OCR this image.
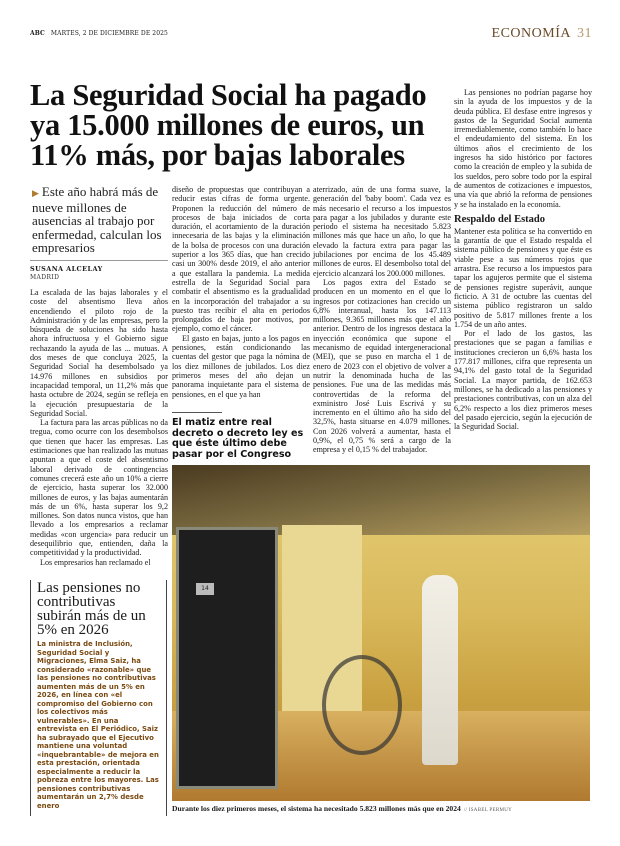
ABC MARTES, 2 DE DICIEMBRE DE 2025	ECONOMÍA 31
La Seguridad Social ha pagado ya 15.000 millones de euros, un 11% más, por bajas laborales
▶ Este año habrá más de nueve millones de ausencias al trabajo por enfermedad, calculan los empresarios
SUSANA ALCELAY
MADRID

La escalada de las bajas laborales y el coste del absentismo lleva años encendiendo el piloto rojo de la Administración y de las empresas, pero la búsqueda de soluciones ha sido hasta ahora infructuosa y el Gobierno sigue rechazando la ayuda de las ... mutuas. A dos meses de que concluya 2025, la Seguridad Social ha desembolsado ya 14.976 millones en subsidios por incapacidad temporal, un 11,2% más que hasta octubre de 2024, según se refleja en la ejecución presupuestaria de la Seguridad Social.

La factura para las arcas públicas no da tregua, como ocurre con los desembolsos que tienen que hacer las empresas. Las estimaciones que han realizado las mutuas apuntan a que el coste del absentismo laboral derivado de contingencias comunes crecerá este año un 10% a cierre de ejercicio, hasta superar los 32.000 millones de euros, y las bajas aumentarán más de un 6%, hasta superar los 9,2 millones. Son datos nunca vistos, que han llevado a los empresarios a reclamar medidas «con urgencia» para reducir un desequilibrio que, entienden, daña la competitividad y la productividad.

Los empresarios han reclamado el

Las pensiones no contributivas subirán más de un 5% en 2026

La ministra de Inclusión, Seguridad Social y Migraciones, Elma Saiz, ha considerado «razonable» que las pensiones no contributivas aumenten más de un 5% en 2026, en línea con «el compromiso del Gobierno con los colectivos más vulnerables». En una entrevista en El Periódico, Saiz ha subrayado que el Ejecutivo mantiene una voluntad «inquebrantable» de mejora en esta prestación, orientada especialmente a reducir la pobreza entre los mayores. Las pensiones contributivas aumentarán un 2,7% desde enero

diseño de propuestas que contribuyan a reducir estas cifras de forma urgente. Proponen la reducción del número de procesos de baja iniciados de corta duración, el acortamiento de la duración innecesaria de las bajas y la eliminación de la bolsa de procesos con una duración superior a los 365 días, que han crecido casi un 300% desde 2019, el año anterior a que estallara la pandemia. La medida estrella de la Seguridad Social para combatir el absentismo es la gradualidad en la incorporación del trabajador a su puesto tras recibir el alta en periodos prolongados de baja por motivos, por ejemplo, como el cáncer.

El gasto en bajas, junto a los pagos en pensiones, están condicionando las cuentas del gestor que paga la nómina de los diez millones de jubilados. Los diez primeros meses del año dejan un panorama inquietante para el sistema de pensiones, en el que ya han

El matiz entre real decreto o decreto ley es que éste último debe pasar por el Congreso

aterrizado, aún de una forma suave, la generación del 'baby boom'. Cada vez es más necesario el recurso a los impuestos para pagar a los jubilados y durante este periodo el sistema ha necesitado 5.823 millones más que hace un año, lo que ha elevado la factura extra para pagar las jubilaciones por encima de los 45.489 millones de euros. El desembolso total del ejercicio alcanzará los 200.000 millones.

Los pagos extra del Estado se producen en un momento en el que lo ingresos por cotizaciones han crecido un 6,8% interanual, hasta los 147.113 millones, 9.365 millones más que el año anterior. Dentro de los ingresos destaca la inyección económica que supone el mecanismo de equidad intergeneracional (MEI), que se puso en marcha el 1 de enero de 2023 con el objetivo de volver a nutrir la denominada hucha de las pensiones. Fue una de las medidas más controvertidas de la reforma del exministro José Luis Escrivá y su incremento en el último año ha sido del 32,5%, hasta situarse en 4.079 millones. Con 2026 volverá a aumentar, hasta el 0,9%, el 0,75 % será a cargo de la empresa y el 0,15 % del trabajador.

Las pensiones no podrían pagarse hoy sin la ayuda de los impuestos y de la deuda pública. El desfase entre ingresos y gastos de la Seguridad Social aumenta irremediablemente, como también lo hace el endeudamiento del sistema. En los últimos años el crecimiento de los ingresos ha sido histórico por factores como la creación de empleo y la subida de los sueldos, pero sobre todo por la espiral de aumentos de cotizaciones e impuestos, una vía que abrió la reforma de pensiones y se ha instalado en la economía.

Respaldo del Estado

Mantener esta política se ha convertido en la garantía de que el Estado respalda el sistema público de pensiones y que éste es viable pese a sus números rojos que arrastra. Ese recurso a los impuestos para tapar los agujeros permite que el sistema de pensiones registre superávit, aunque ficticio. A 31 de octubre las cuentas del sistema público registraron un saldo positivo de 5.817 millones frente a los 1.754 de un año antes.

Por el lado de los gastos, las prestaciones que se pagan a familias e instituciones crecieron un 6,6% hasta los 177.817 millones, cifra que representa un 94,1% del gasto total de la Seguridad Social. La mayor partida, de 162.653 millones, se ha dedicado a las pensiones y prestaciones contributivas, con un alza del 6,2% respecto a los diez primeros meses del pasado ejercicio, según la ejecución de la Seguridad Social.

14
Durante los diez primeros meses, el sistema ha necesitado 5.823 millones más que en 2024 // ISABEL PERMUY
